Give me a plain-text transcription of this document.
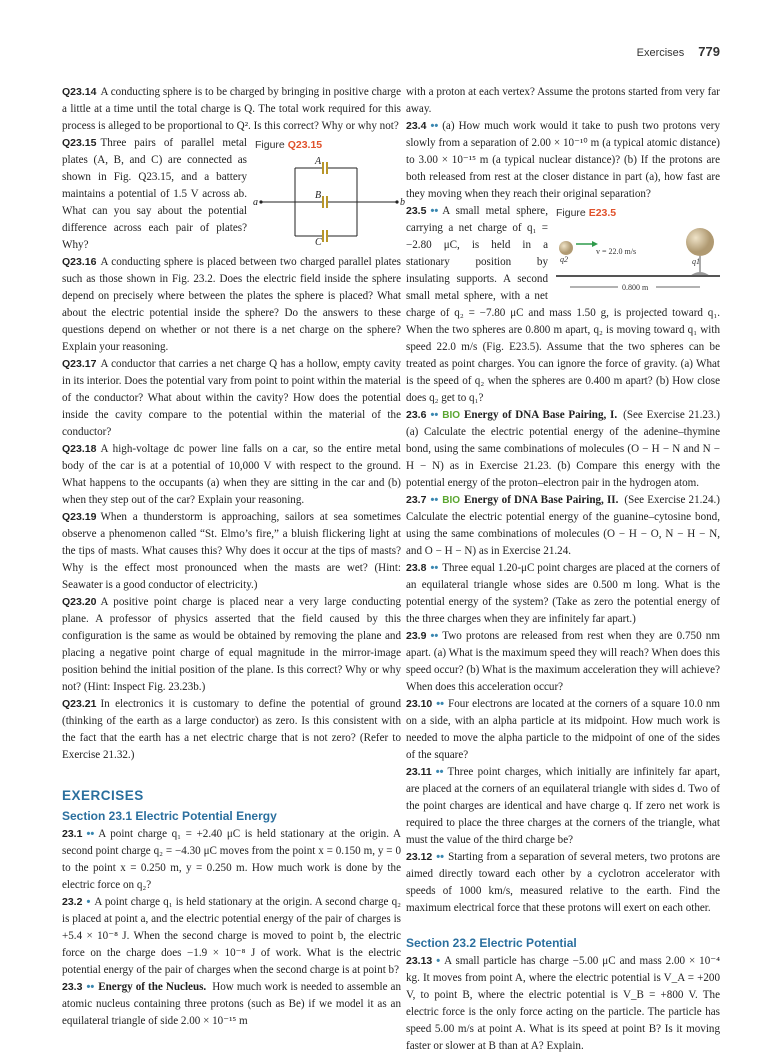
Exercises 779

Q23.14 A conducting sphere is to be charged by bringing in positive charge a little at a time until the total charge is Q. The total work required for this process is alleged to be proportional to Q². Is this correct? Why or why not?

Figure Q23.15
a	b
A
B
C
Q23.15 Three pairs of parallel metal plates (A, B, and C) are connected as shown in Fig. Q23.15, and a battery maintains a potential of 1.5 V across ab. What can you say about the potential difference across each pair of plates? Why?

Q23.16 A conducting sphere is placed between two charged parallel plates such as those shown in Fig. 23.2. Does the electric field inside the sphere depend on precisely where between the plates the sphere is placed? What about the electric potential inside the sphere? Do the answers to these questions depend on whether or not there is a net charge on the sphere? Explain your reasoning.

Q23.17 A conductor that carries a net charge Q has a hollow, empty cavity in its interior. Does the potential vary from point to point within the material of the conductor? What about within the cavity? How does the potential inside the cavity compare to the potential within the material of the conductor?

Q23.18 A high-voltage dc power line falls on a car, so the entire metal body of the car is at a potential of 10,000 V with respect to the ground. What happens to the occupants (a) when they are sitting in the car and (b) when they step out of the car? Explain your reasoning.

Q23.19 When a thunderstorm is approaching, sailors at sea sometimes observe a phenomenon called “St. Elmo’s fire,” a bluish flickering light at the tips of masts. What causes this? Why does it occur at the tips of masts? Why is the effect most pronounced when the masts are wet? (Hint: Seawater is a good conductor of electricity.)

Q23.20 A positive point charge is placed near a very large conducting plane. A professor of physics asserted that the field caused by this configuration is the same as would be obtained by removing the plane and placing a negative point charge of equal magnitude in the mirror-image position behind the initial position of the plane. Is this correct? Why or why not? (Hint: Inspect Fig. 23.23b.)

Q23.21 In electronics it is customary to define the potential of ground (thinking of the earth as a large conductor) as zero. Is this consistent with the fact that the earth has a net electric charge that is not zero? (Refer to Exercise 21.32.)

EXERCISES
Section 23.1 Electric Potential Energy

23.1 •• A point charge q₁ = +2.40 μC is held stationary at the origin. A second point charge q₂ = −4.30 μC moves from the point x = 0.150 m, y = 0 to the point x = 0.250 m, y = 0.250 m. How much work is done by the electric force on q₂?

23.2 • A point charge q₁ is held stationary at the origin. A second charge q₂ is placed at point a, and the electric potential energy of the pair of charges is +5.4 × 10⁻⁸ J. When the second charge is moved to point b, the electric force on the charge does −1.9 × 10⁻⁸ J of work. What is the electric potential energy of the pair of charges when the second charge is at point b?

23.3 •• Energy of the Nucleus. How much work is needed to assemble an atomic nucleus containing three protons (such as Be) if we model it as an equilateral triangle of side 2.00 × 10⁻¹⁵ m

with a proton at each vertex? Assume the protons started from very far away.

23.4 •• (a) How much work would it take to push two protons very slowly from a separation of 2.00 × 10⁻¹⁰ m (a typical atomic distance) to 3.00 × 10⁻¹⁵ m (a typical nuclear distance)? (b) If the protons are both released from rest at the closer distance in part (a), how fast are they moving when they reach their original separation?

Figure E23.5
q2	q1
v = 22.0 m/s
0.800 m
23.5 •• A small metal sphere, carrying a net charge of q₁ = −2.80 μC, is held in a stationary position by insulating supports. A second small metal sphere, with a net charge of q₂ = −7.80 μC and mass 1.50 g, is projected toward q₁. When the two spheres are 0.800 m apart, q₂ is moving toward q₁ with speed 22.0 m/s (Fig. E23.5). Assume that the two spheres can be treated as point charges. You can ignore the force of gravity. (a) What is the speed of q₂ when the spheres are 0.400 m apart? (b) How close does q₂ get to q₁?

23.6 •• BIO Energy of DNA Base Pairing, I. (See Exercise 21.23.) (a) Calculate the electric potential energy of the adenine–thymine bond, using the same combinations of molecules (O − H − N and N − H − N) as in Exercise 21.23. (b) Compare this energy with the potential energy of the proton–electron pair in the hydrogen atom.

23.7 •• BIO Energy of DNA Base Pairing, II. (See Exercise 21.24.) Calculate the electric potential energy of the guanine–cytosine bond, using the same combinations of molecules (O − H − O, N − H − N, and O − H − N) as in Exercise 21.24.

23.8 •• Three equal 1.20-μC point charges are placed at the corners of an equilateral triangle whose sides are 0.500 m long. What is the potential energy of the system? (Take as zero the potential energy of the three charges when they are infinitely far apart.)

23.9 •• Two protons are released from rest when they are 0.750 nm apart. (a) What is the maximum speed they will reach? When does this speed occur? (b) What is the maximum acceleration they will achieve? When does this acceleration occur?

23.10 •• Four electrons are located at the corners of a square 10.0 nm on a side, with an alpha particle at its midpoint. How much work is needed to move the alpha particle to the midpoint of one of the sides of the square?

23.11 •• Three point charges, which initially are infinitely far apart, are placed at the corners of an equilateral triangle with sides d. Two of the point charges are identical and have charge q. If zero net work is required to place the three charges at the corners of the triangle, what must the value of the third charge be?

23.12 •• Starting from a separation of several meters, two protons are aimed directly toward each other by a cyclotron accelerator with speeds of 1000 km/s, measured relative to the earth. Find the maximum electrical force that these protons will exert on each other.

Section 23.2 Electric Potential

23.13 • A small particle has charge −5.00 μC and mass 2.00 × 10⁻⁴ kg. It moves from point A, where the electric potential is V_A = +200 V, to point B, where the electric potential is V_B = +800 V. The electric force is the only force acting on the particle. The particle has speed 5.00 m/s at point A. What is its speed at point B? Is it moving faster or slower at B than at A? Explain.
